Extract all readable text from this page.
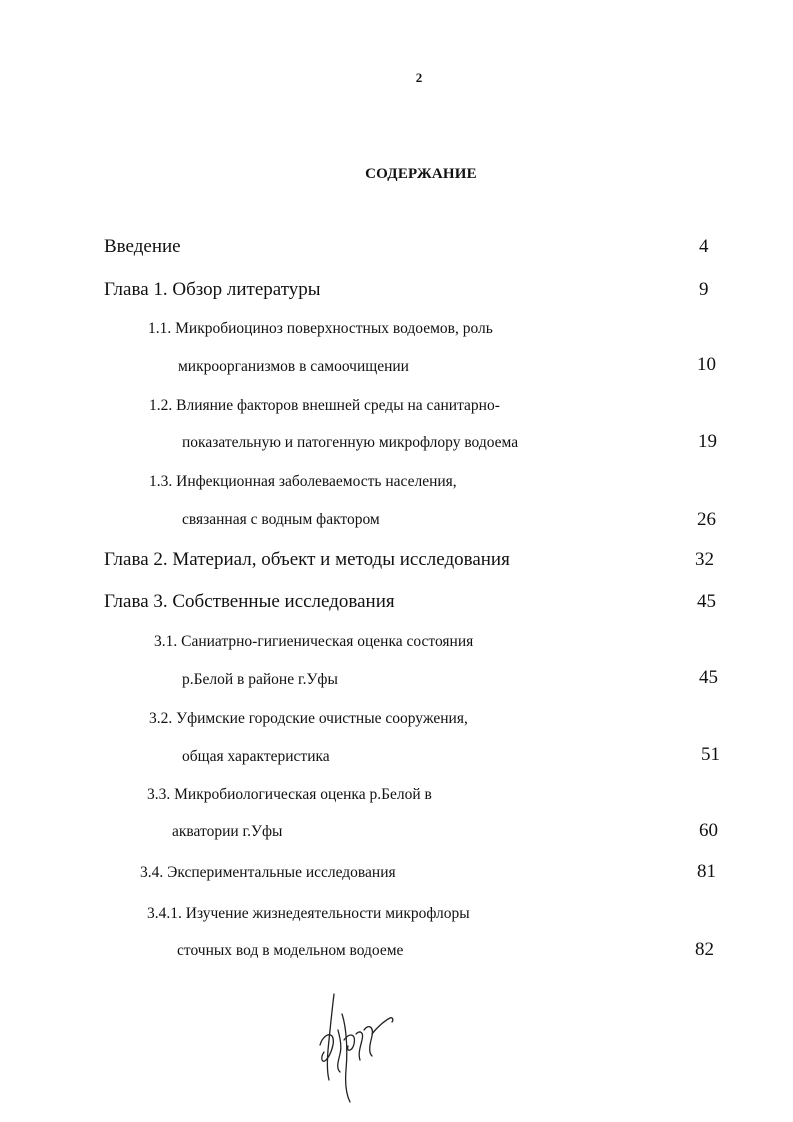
2
СОДЕРЖАНИЕ
Введение	4
Глава 1. Обзор литературы	9
1.1. Микробиоциноз поверхностных водоемов, роль
микроорганизмов в самоочищении	10
1.2. Влияние факторов внешней среды на санитарно-
показательную и патогенную микрофлору водоема	19
1.3. Инфекционная заболеваемость населения,
связанная с водным фактором	26
Глава 2. Материал, объект и методы исследования	32
Глава 3. Собственные исследования	45
3.1. Саниатрно-гигиеническая оценка состояния
р.Белой в районе г.Уфы	45
3.2. Уфимские городские очистные сооружения,
общая характеристика	51
3.3. Микробиологическая оценка р.Белой в
акватории г.Уфы	60
3.4. Экспериментальные исследования	81
3.4.1. Изучение жизнедеятельности микрофлоры
сточных вод в модельном водоеме	82
